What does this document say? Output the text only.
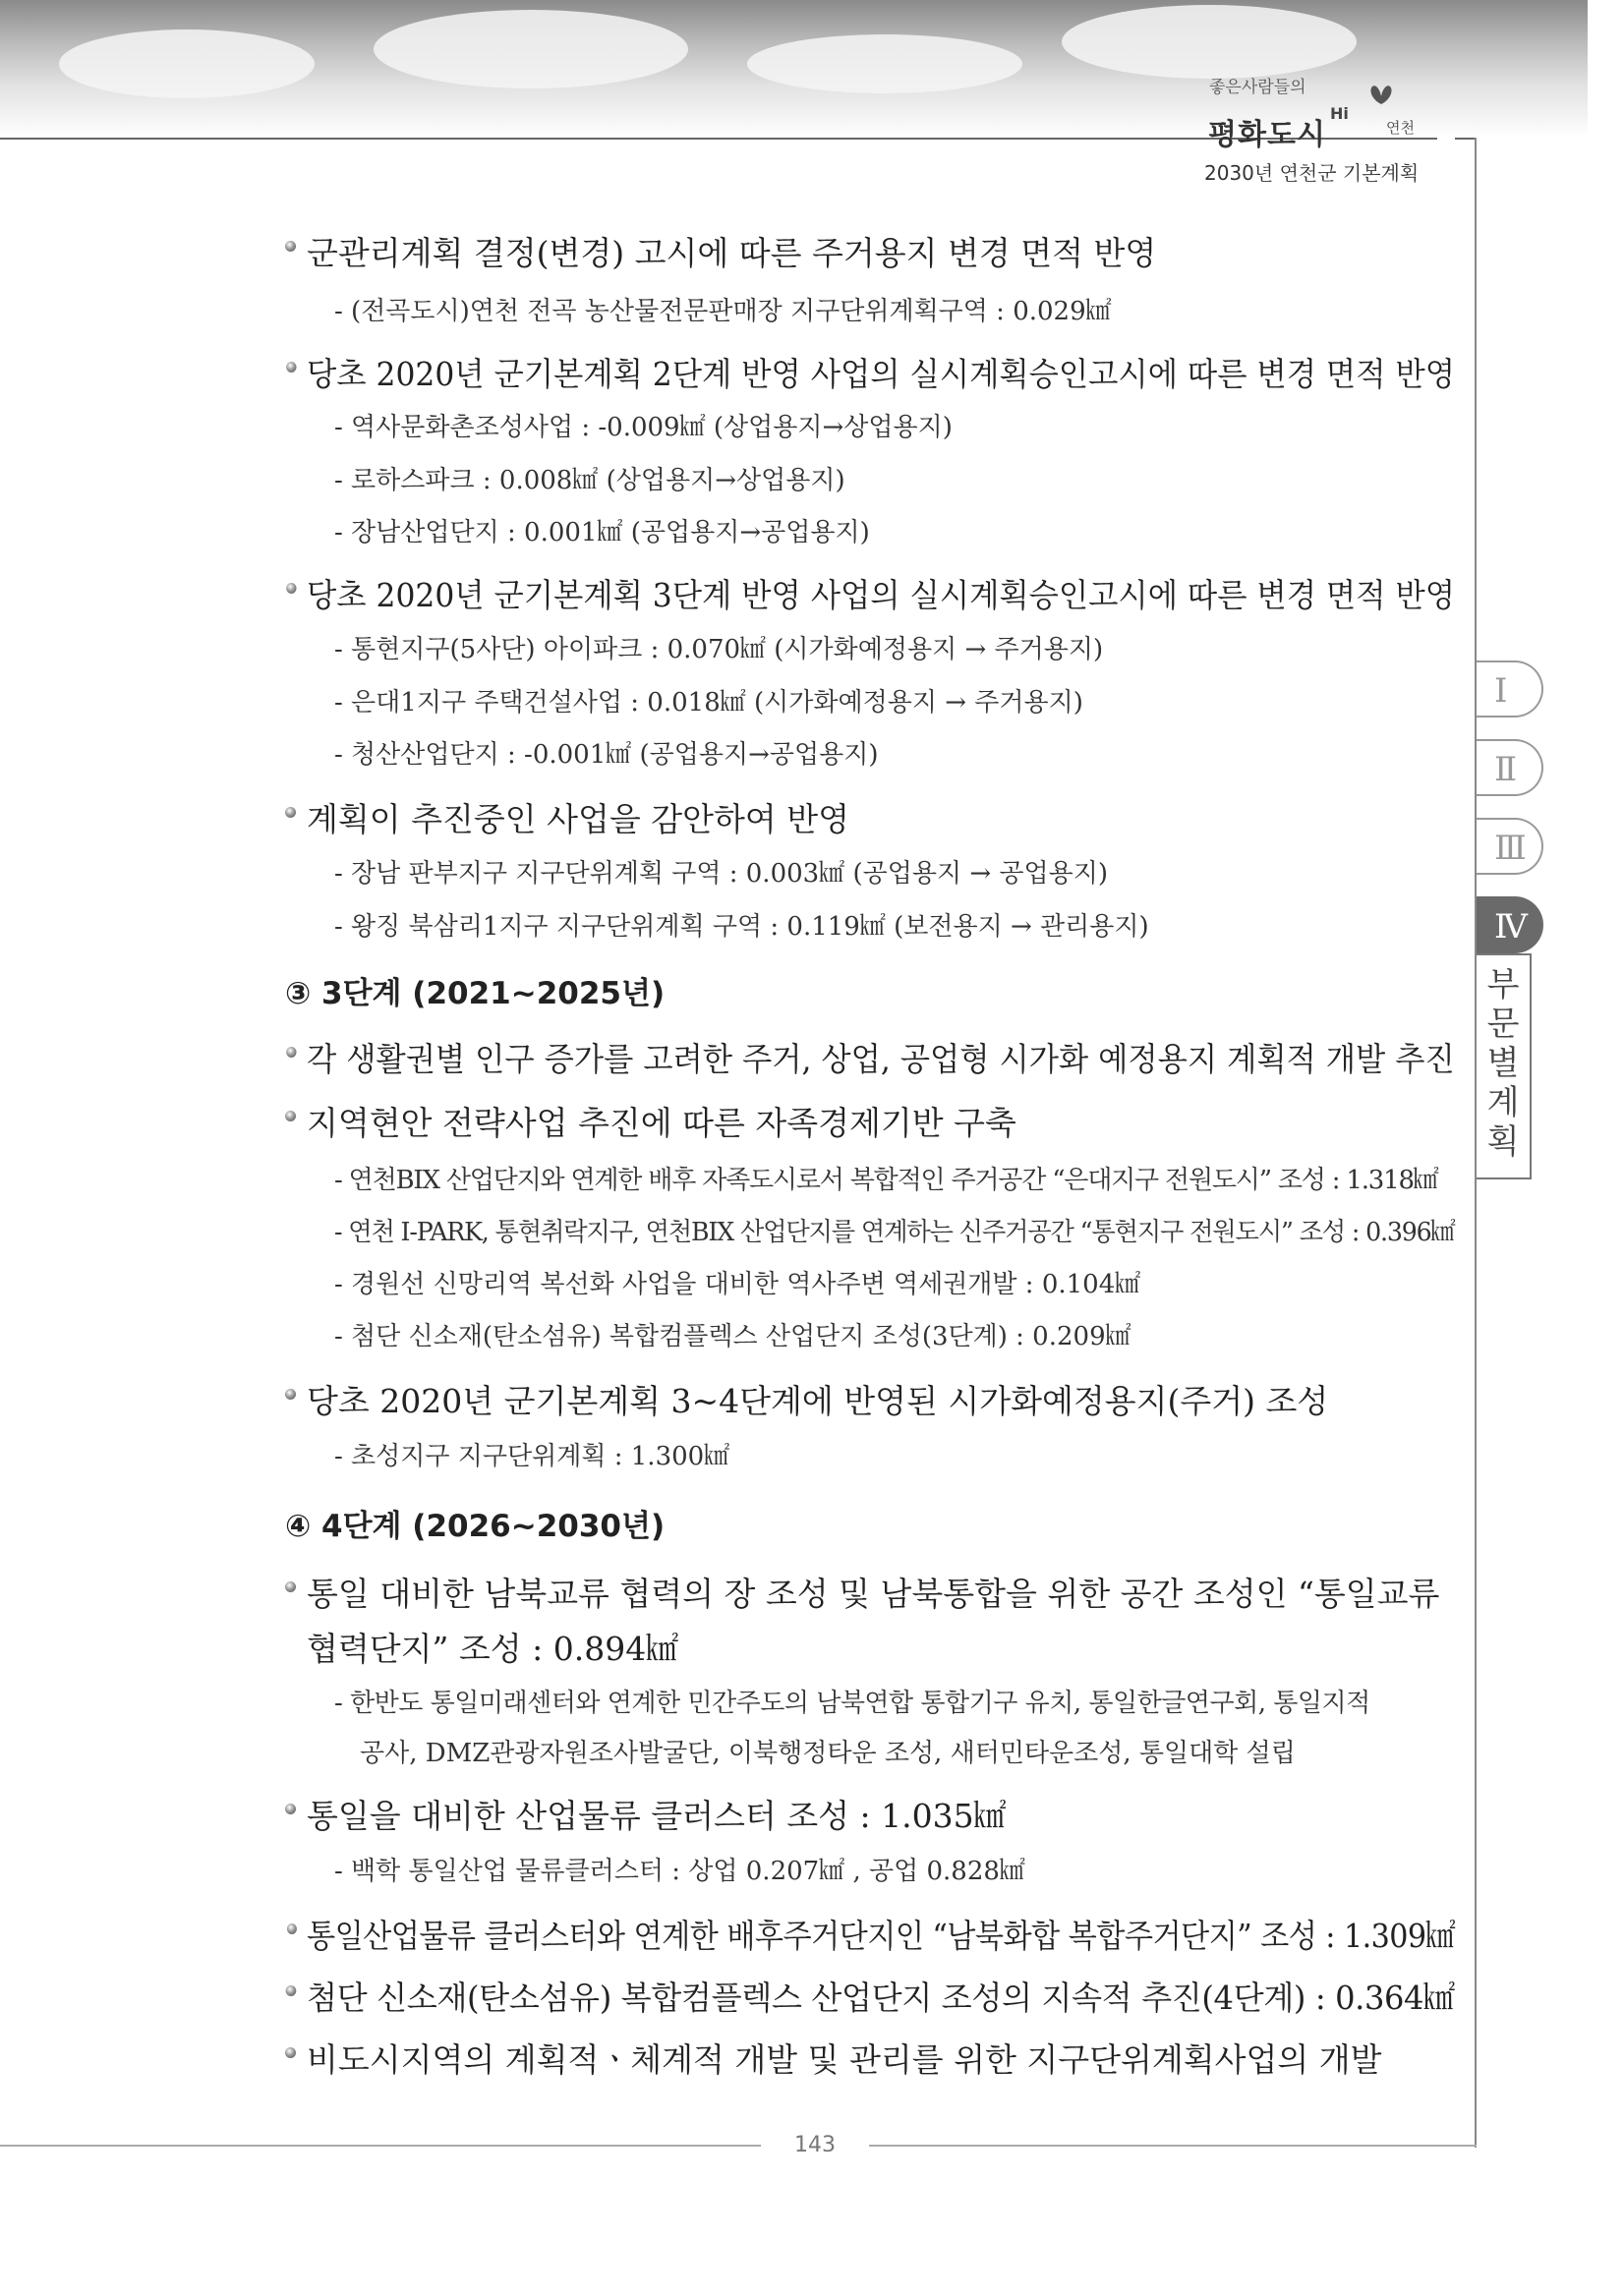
좋은사람들의
Hi
평화도시	연천
2030년 연천군 기본계획
Ⅰ
Ⅱ
Ⅲ
Ⅳ
부
문
별
계
획
군관리계획 결정(변경) 고시에 따른 주거용지 변경 면적 반영
- (전곡도시)연천 전곡 농산물전문판매장 지구단위계획구역 : 0.029㎢
당초 2020년 군기본계획 2단계 반영 사업의 실시계획승인고시에 따른 변경 면적 반영
- 역사문화촌조성사업 : -0.009㎢ (상업용지→상업용지)
- 로하스파크 : 0.008㎢ (상업용지→상업용지)
- 장남산업단지 : 0.001㎢ (공업용지→공업용지)
당초 2020년 군기본계획 3단계 반영 사업의 실시계획승인고시에 따른 변경 면적 반영
- 통현지구(5사단) 아이파크 : 0.070㎢ (시가화예정용지 → 주거용지)
- 은대1지구 주택건설사업 : 0.018㎢ (시가화예정용지 → 주거용지)
- 청산산업단지 : -0.001㎢ (공업용지→공업용지)
계획이 추진중인 사업을 감안하여 반영
- 장남 판부지구 지구단위계획 구역 : 0.003㎢ (공업용지 → 공업용지)
- 왕징 북삼리1지구 지구단위계획 구역 : 0.119㎢ (보전용지 → 관리용지)
③ 3단계 (2021~2025년)
각 생활권별 인구 증가를 고려한 주거, 상업, 공업형 시가화 예정용지 계획적 개발 추진
지역현안 전략사업 추진에 따른 자족경제기반 구축
- 연천BIX 산업단지와 연계한 배후 자족도시로서 복합적인 주거공간 “은대지구 전원도시” 조성 : 1.318㎢
- 연천 I-PARK, 통현취락지구, 연천BIX 산업단지를 연계하는 신주거공간 “통현지구 전원도시” 조성 : 0.396㎢
- 경원선 신망리역 복선화 사업을 대비한 역사주변 역세권개발 : 0.104㎢
- 첨단 신소재(탄소섬유) 복합컴플렉스 산업단지 조성(3단계) : 0.209㎢
당초 2020년 군기본계획 3~4단계에 반영된 시가화예정용지(주거) 조성
- 초성지구 지구단위계획 : 1.300㎢
④ 4단계 (2026~2030년)
통일 대비한 남북교류 협력의 장 조성 및 남북통합을 위한 공간 조성인 “통일교류
협력단지” 조성 : 0.894㎢
- 한반도 통일미래센터와 연계한 민간주도의 남북연합 통합기구 유치, 통일한글연구회, 통일지적
공사, DMZ관광자원조사발굴단, 이북행정타운 조성, 새터민타운조성, 통일대학 설립
통일을 대비한 산업물류 클러스터 조성 : 1.035㎢
- 백학 통일산업 물류클러스터 : 상업 0.207㎢ , 공업 0.828㎢
통일산업물류 클러스터와 연계한 배후주거단지인 “남북화합 복합주거단지” 조성 : 1.309㎢
첨단 신소재(탄소섬유) 복합컴플렉스 산업단지 조성의 지속적 추진(4단계) : 0.364㎢
비도시지역의 계획적ㆍ체계적 개발 및 관리를 위한 지구단위계획사업의 개발
143
